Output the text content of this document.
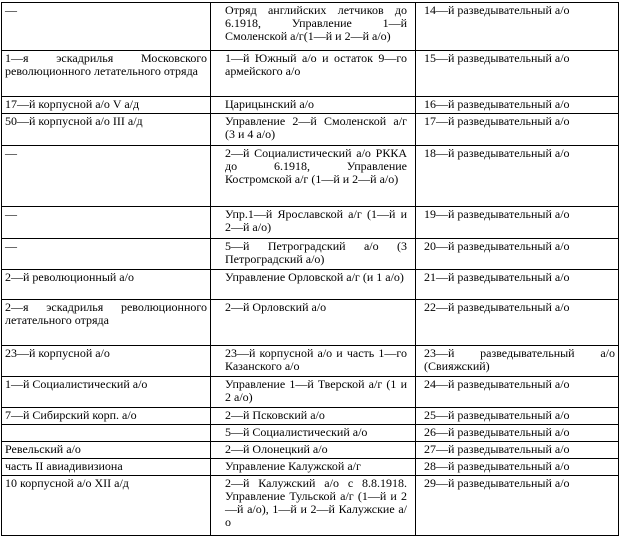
—	Отряд английских летчиков до 6.1918, Управление 1—й Смоленской а/г(1—й и 2—й а/о)	14—й разведывательный а/о
1—я эскадрилья Московского революционного летательного отряда	1—й Южный а/о и остаток 9—го армейского а/о	15—й разведывательный а/о
17—й корпусной а/о V а/д	Царицынский а/о	16—й разведывательный а/о
50—й корпусной а/о III а/д	Управление 2—й Смоленской а/г (3 и 4 а/о)	17—й разведывательный а/о
—	2—й Социалистический а/о РККА до 6.1918, Управление Костромской а/г (1—й и 2—й а/о)	18—й разведывательный а/о
—	Упр.1—й Ярославской а/г (1—й и 2—й а/о)	19—й разведывательный а/о
—	5—й Петроградский а/о (3 Петроградский а/о)	20—й разведывательный а/о
2—й революционный а/о	Управление Орловской а/г (и 1 а/о)	21—й разведывательный а/о
2—я эскадрилья революционного летательного отряда	2—й Орловский а/о	22—й разведывательный а/о
23—й корпусной а/о	23—й корпусной а/о и часть 1—го Казанского а/о	23—й разведывательный а/о (Свияжский)
1—й Социалистический а/о	Управление 1—й Тверской а/г (1 и 2 а/о)	24—й разведывательный а/о
7—й Сибирский корп. а/о	2—й Псковский а/о	25—й разведывательный а/о
	5—й Социалистический а/о	26—й разведывательный а/о
Ревельский а/о	2—й Олонецкий а/о	27—й разведывательный а/о
часть II авиадивизиона	Управление Калужской а/г	28—й разведывательный а/о
10 корпусной а/о XII а/д	2—й Калужский а/о с 8.8.1918. Управление Тульской а/г (1—й и 2—й а/о), 1—й и 2—й Калужские а/о	29—й разведывательный а/о
